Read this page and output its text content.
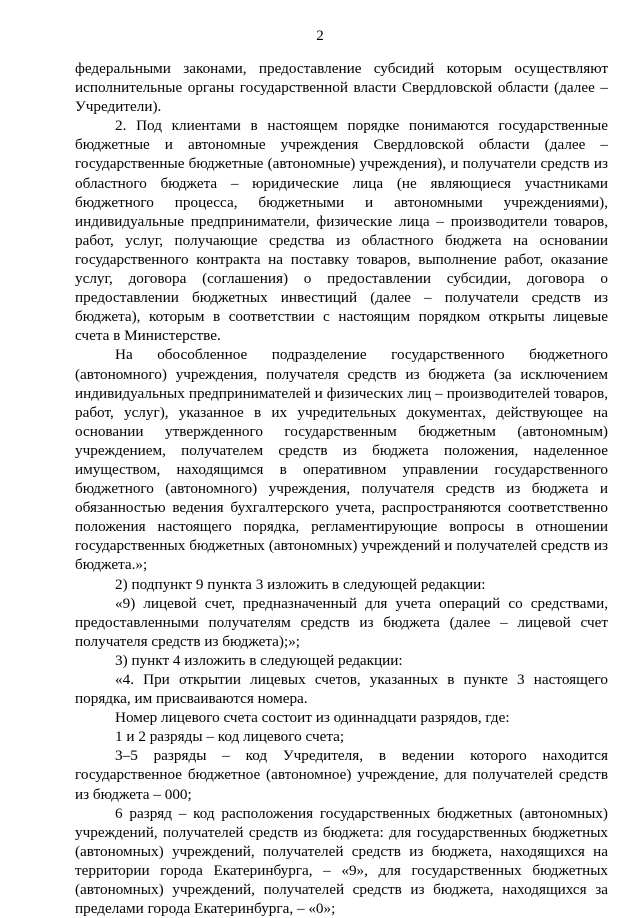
2

федеральными законами, предоставление субсидий которым осуществляют исполнительные органы государственной власти Свердловской области (далее – Учредители).

2. Под клиентами в настоящем порядке понимаются государственные бюджетные и автономные учреждения Свердловской области (далее – государственные бюджетные (автономные) учреждения), и получатели средств из областного бюджета – юридические лица (не являющиеся участниками бюджетного процесса, бюджетными и автономными учреждениями), индивидуальные предприниматели, физические лица – производители товаров, работ, услуг, получающие средства из областного бюджета на основании государственного контракта на поставку товаров, выполнение работ, оказание услуг, договора (соглашения) о предоставлении субсидии, договора о предоставлении бюджетных инвестиций (далее – получатели средств из бюджета), которым в соответствии с настоящим порядком открыты лицевые счета в Министерстве.

На обособленное подразделение государственного бюджетного (автономного) учреждения, получателя средств из бюджета (за исключением индивидуальных предпринимателей и физических лиц – производителей товаров, работ, услуг), указанное в их учредительных документах, действующее на основании утвержденного государственным бюджетным (автономным) учреждением, получателем средств из бюджета положения, наделенное имуществом, находящимся в оперативном управлении государственного бюджетного (автономного) учреждения, получателя средств из бюджета и обязанностью ведения бухгалтерского учета, распространяются соответственно положения настоящего порядка, регламентирующие вопросы в отношении государственных бюджетных (автономных) учреждений и получателей средств из бюджета.»;

2) подпункт 9 пункта 3 изложить в следующей редакции:

«9) лицевой счет, предназначенный для учета операций со средствами, предоставленными получателям средств из бюджета (далее – лицевой счет получателя средств из бюджета);»;

3) пункт 4 изложить в следующей редакции:

«4. При открытии лицевых счетов, указанных в пункте 3 настоящего порядка, им присваиваются номера.

Номер лицевого счета состоит из одиннадцати разрядов, где:

1 и 2 разряды – код лицевого счета;

3–5 разряды – код Учредителя, в ведении которого находится государственное бюджетное (автономное) учреждение, для получателей средств из бюджета – 000;

6 разряд – код расположения государственных бюджетных (автономных) учреждений, получателей средств из бюджета: для государственных бюджетных (автономных) учреждений, получателей средств из бюджета, находящихся на территории города Екатеринбурга, – «9», для государственных бюджетных (автономных) учреждений, получателей средств из бюджета, находящихся за пределами города Екатеринбурга, – «0»;
